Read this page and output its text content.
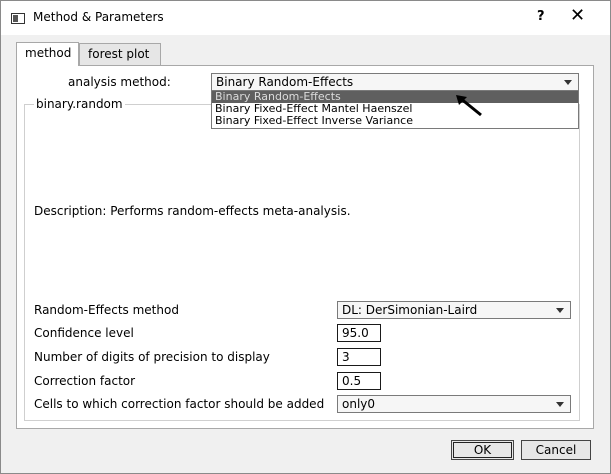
Method & Parameters	? ✕
method	forest plot
analysis method:	Binary Random-Effects
binary.random
Binary Random-Effects
Binary Fixed-Effect Mantel Haenszel
Binary Fixed-Effect Inverse Variance
Description: Performs random-effects meta-analysis.
Random-Effects method	DL: DerSimonian-Laird
Confidence level	95.0
Number of digits of precision to display	3
Correction factor	0.5
Cells to which correction factor should be added	only0
OK	Cancel
